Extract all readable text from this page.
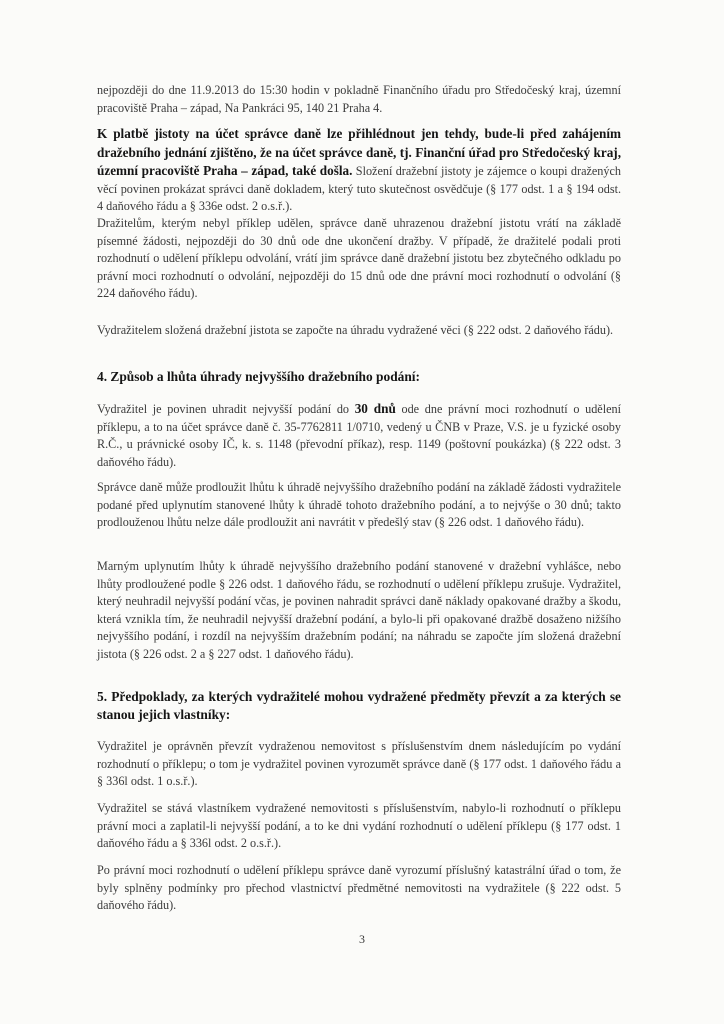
nejpozději do dne 11.9.2013 do 15:30 hodin v pokladně Finančního úřadu pro Středočeský kraj, územní pracoviště Praha – západ, Na Pankráci 95, 140 21 Praha 4.

K platbě jistoty na účet správce daně lze přihlédnout jen tehdy, bude-li před zahájením dražebního jednání zjištěno, že na účet správce daně, tj. Finanční úřad pro Středočeský kraj, územní pracoviště Praha – západ, také došla. Složení dražební jistoty je zájemce o koupi dražených věcí povinen prokázat správci daně dokladem, který tuto skutečnost osvědčuje (§ 177 odst. 1 a § 194 odst. 4 daňového řádu a § 336e odst. 2 o.s.ř.).

Dražitelům, kterým nebyl příklep udělen, správce daně uhrazenou dražební jistotu vrátí na základě písemné žádosti, nejpozději do 30 dnů ode dne ukončení dražby. V případě, že dražitelé podali proti rozhodnutí o udělení příklepu odvolání, vrátí jim správce daně dražební jistotu bez zbytečného odkladu po právní moci rozhodnutí o odvolání, nejpozději do 15 dnů ode dne právní moci rozhodnutí o odvolání (§ 224 daňového řádu).

Vydražitelem složená dražební jistota se započte na úhradu vydražené věci (§ 222 odst. 2 daňového řádu).

4. Způsob a lhůta úhrady nejvyššího dražebního podání:

Vydražitel je povinen uhradit nejvyšší podání do 30 dnů ode dne právní moci rozhodnutí o udělení příklepu, a to na účet správce daně č. 35-7762811 1/0710, vedený u ČNB v Praze, V.S. je u fyzické osoby R.Č., u právnické osoby IČ, k. s. 1148 (převodní příkaz), resp. 1149 (poštovní poukázka) (§ 222 odst. 3 daňového řádu).

Správce daně může prodloužit lhůtu k úhradě nejvyššího dražebního podání na základě žádosti vydražitele podané před uplynutím stanovené lhůty k úhradě tohoto dražebního podání, a to nejvýše o 30 dnů; takto prodlouženou lhůtu nelze dále prodloužit ani navrátit v předešlý stav (§ 226 odst. 1 daňového řádu).

Marným uplynutím lhůty k úhradě nejvyššího dražebního podání stanovené v dražební vyhlášce, nebo lhůty prodloužené podle § 226 odst. 1 daňového řádu, se rozhodnutí o udělení příklepu zrušuje. Vydražitel, který neuhradil nejvyšší podání včas, je povinen nahradit správci daně náklady opakované dražby a škodu, která vznikla tím, že neuhradil nejvyšší dražební podání, a bylo-li při opakované dražbě dosaženo nižšího nejvyššího podání, i rozdíl na nejvyšším dražebním podání; na náhradu se započte jím složená dražební jistota (§ 226 odst. 2 a § 227 odst. 1 daňového řádu).

5. Předpoklady, za kterých vydražitelé mohou vydražené předměty převzít a za kterých se stanou jejich vlastníky:

Vydražitel je oprávněn převzít vydraženou nemovitost s příslušenstvím dnem následujícím po vydání rozhodnutí o příklepu; o tom je vydražitel povinen vyrozumět správce daně (§ 177 odst. 1 daňového řádu a § 336l odst. 1 o.s.ř.).

Vydražitel se stává vlastníkem vydražené nemovitosti s příslušenstvím, nabylo-li rozhodnutí o příklepu právní moci a zaplatil-li nejvyšší podání, a to ke dni vydání rozhodnutí o udělení příklepu (§ 177 odst. 1 daňového řádu a § 336l odst. 2 o.s.ř.).

Po právní moci rozhodnutí o udělení příklepu správce daně vyrozumí příslušný katastrální úřad o tom, že byly splněny podmínky pro přechod vlastnictví předmětné nemovitosti na vydražitele (§ 222 odst. 5 daňového řádu).

3
